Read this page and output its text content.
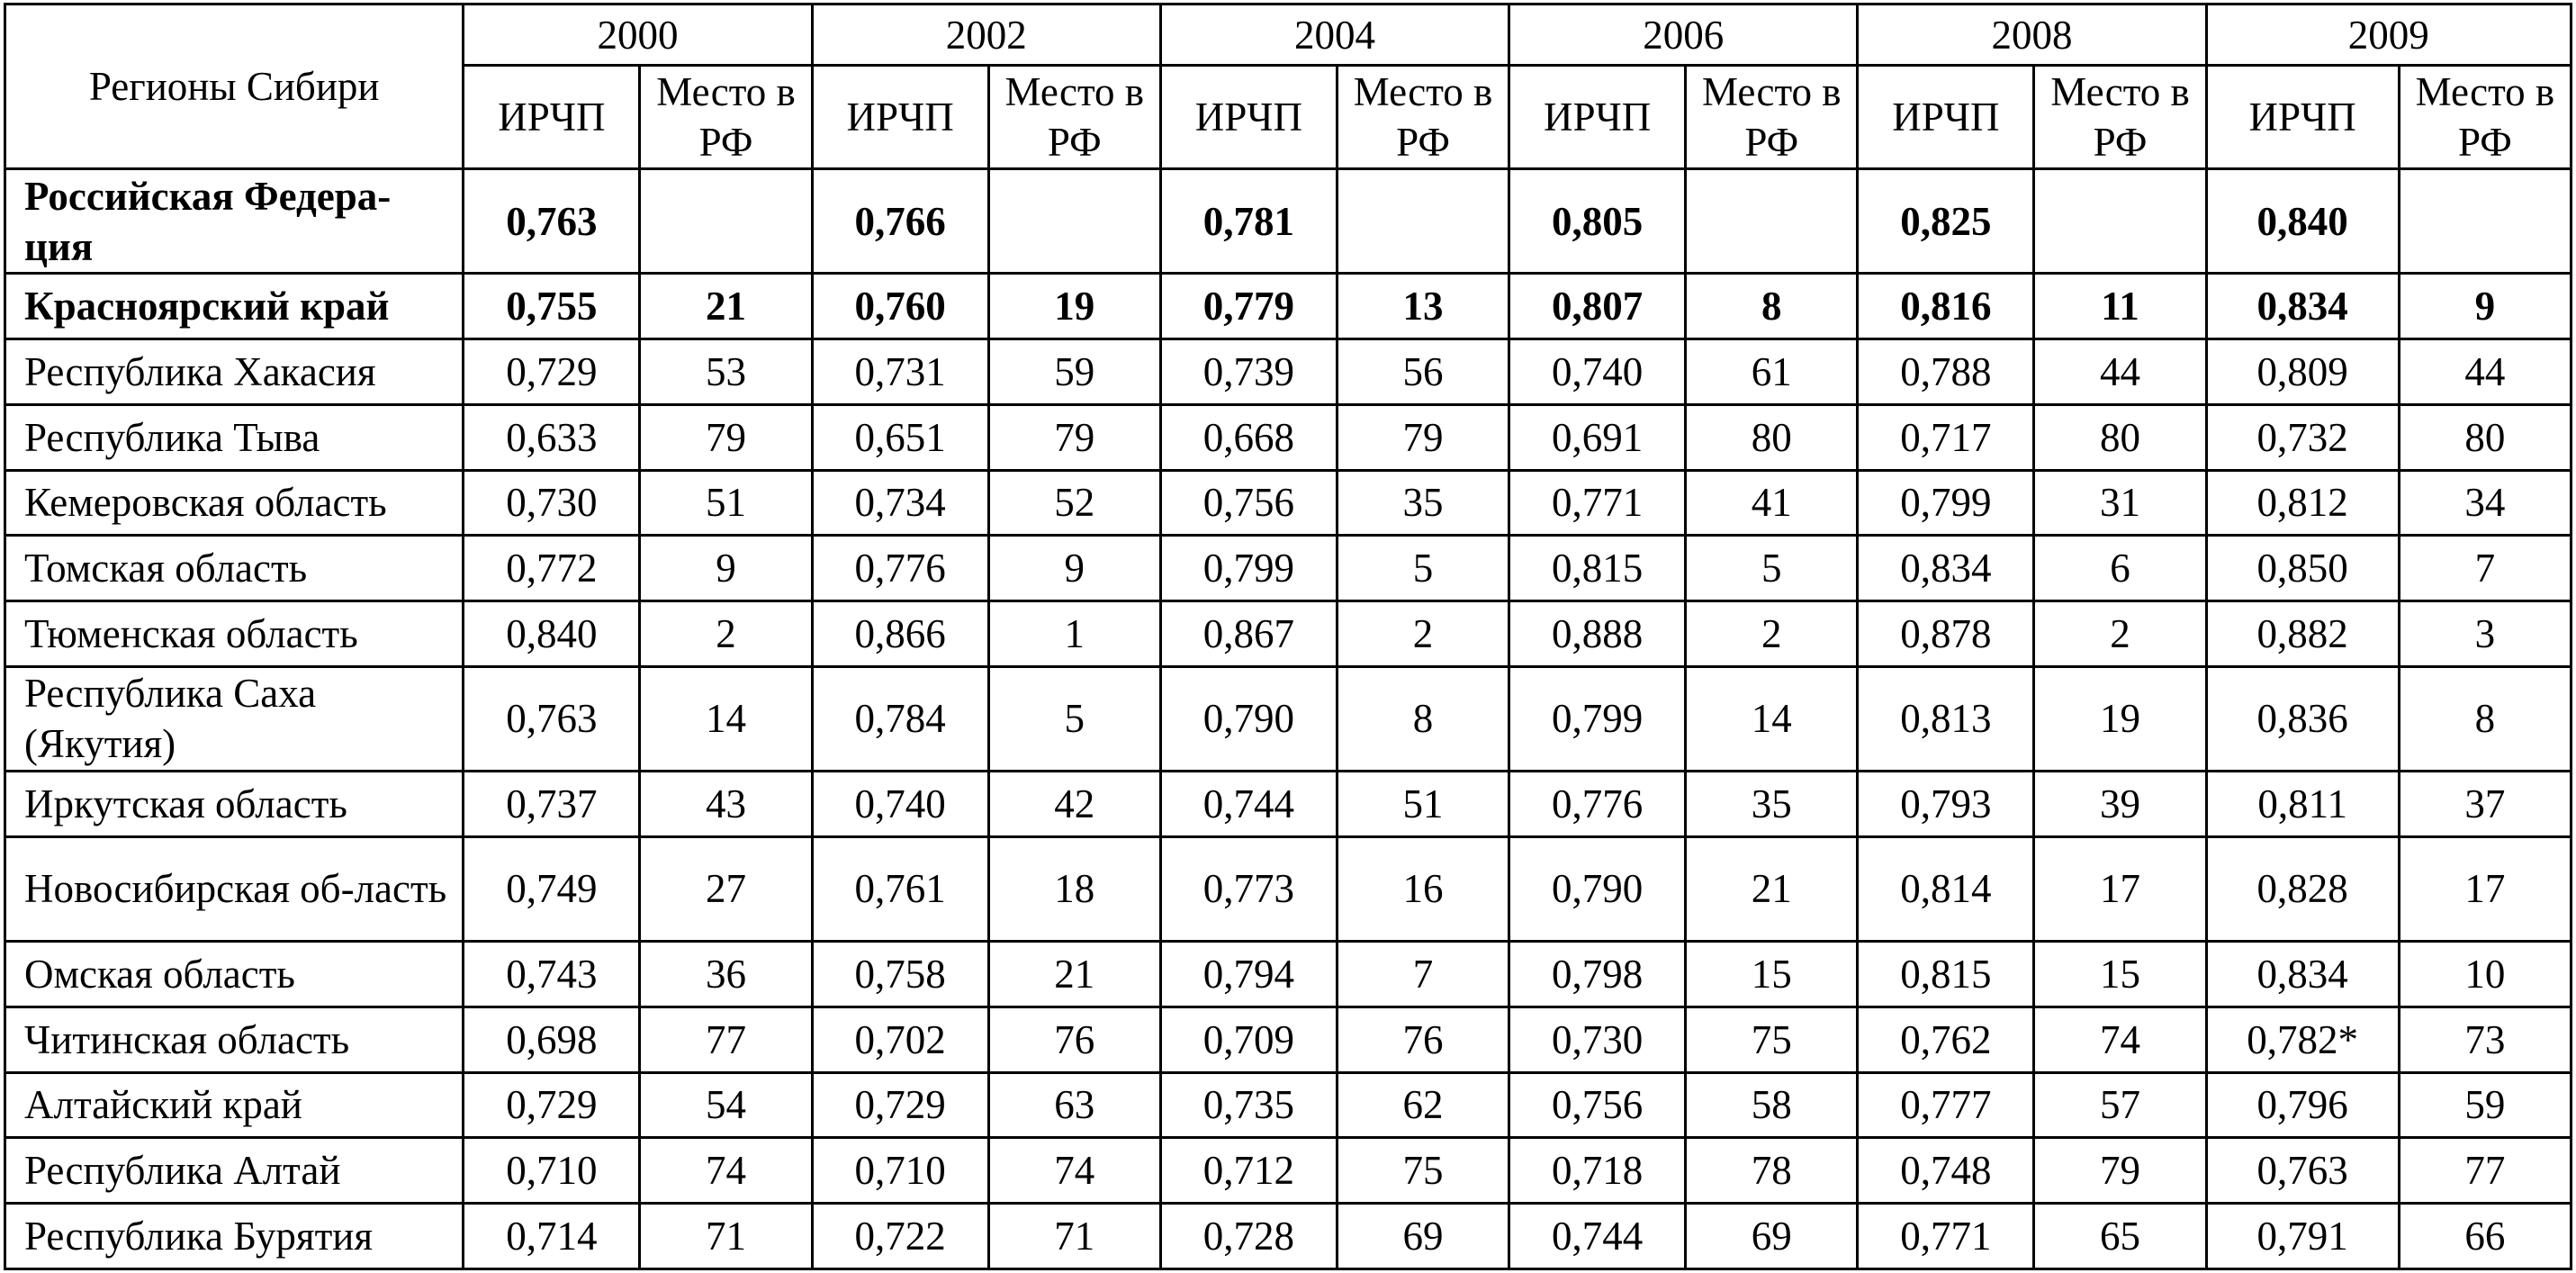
Регионы Сибири	2000		2002		2004		2006		2008		2009	
	ИРЧП	Место в РФ	ИРЧП	Место в РФ	ИРЧП	Место в РФ	ИРЧП	Место в РФ	ИРЧП	Место в РФ	ИРЧП	Место в РФ
Российская Федера-ция	0,763		0,766		0,781		0,805		0,825		0,840	
Красноярский край	0,755	21	0,760	19	0,779	13	0,807	8	0,816	11	0,834	9
Республика Хакасия	0,729	53	0,731	59	0,739	56	0,740	61	0,788	44	0,809	44
Республика Тыва	0,633	79	0,651	79	0,668	79	0,691	80	0,717	80	0,732	80
Кемеровская область	0,730	51	0,734	52	0,756	35	0,771	41	0,799	31	0,812	34
Томская область	0,772	9	0,776	9	0,799	5	0,815	5	0,834	6	0,850	7
Тюменская область	0,840	2	0,866	1	0,867	2	0,888	2	0,878	2	0,882	3
Республика Саха (Якутия)	0,763	14	0,784	5	0,790	8	0,799	14	0,813	19	0,836	8
Иркутская область	0,737	43	0,740	42	0,744	51	0,776	35	0,793	39	0,811	37
Новосибирская об-ласть	0,749	27	0,761	18	0,773	16	0,790	21	0,814	17	0,828	17
Омская область	0,743	36	0,758	21	0,794	7	0,798	15	0,815	15	0,834	10
Читинская область	0,698	77	0,702	76	0,709	76	0,730	75	0,762	74	0,782*	73
Алтайский край	0,729	54	0,729	63	0,735	62	0,756	58	0,777	57	0,796	59
Республика Алтай	0,710	74	0,710	74	0,712	75	0,718	78	0,748	79	0,763	77
Республика Бурятия	0,714	71	0,722	71	0,728	69	0,744	69	0,771	65	0,791	66
